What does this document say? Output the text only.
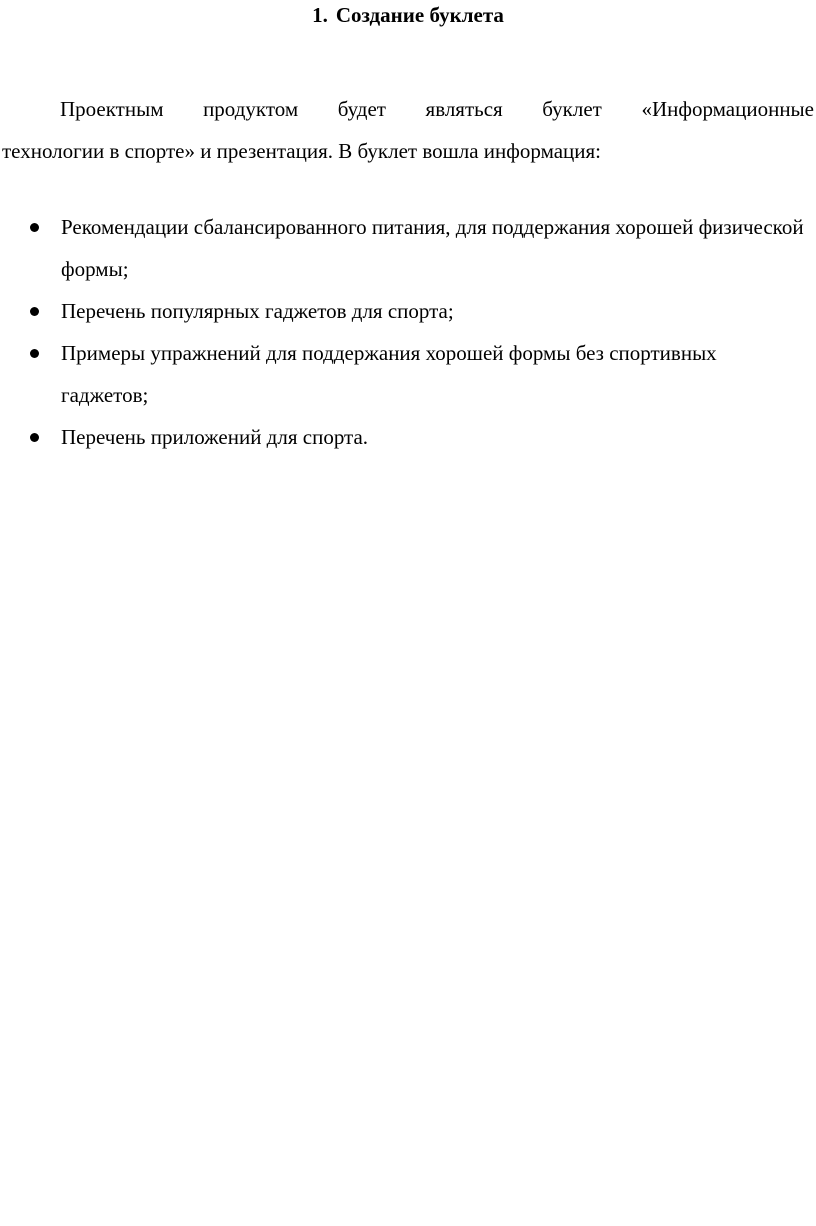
1. Создание буклета
Проектным продуктом будет являться буклет «Информационные
технологии в спорте» и презентация. В буклет вошла информация:
Рекомендации сбалансированного питания, для поддержания хорошей физической формы;
Перечень популярных гаджетов для спорта;
Примеры упражнений для поддержания хорошей формы без спортивных гаджетов;
Перечень приложений для спорта.
